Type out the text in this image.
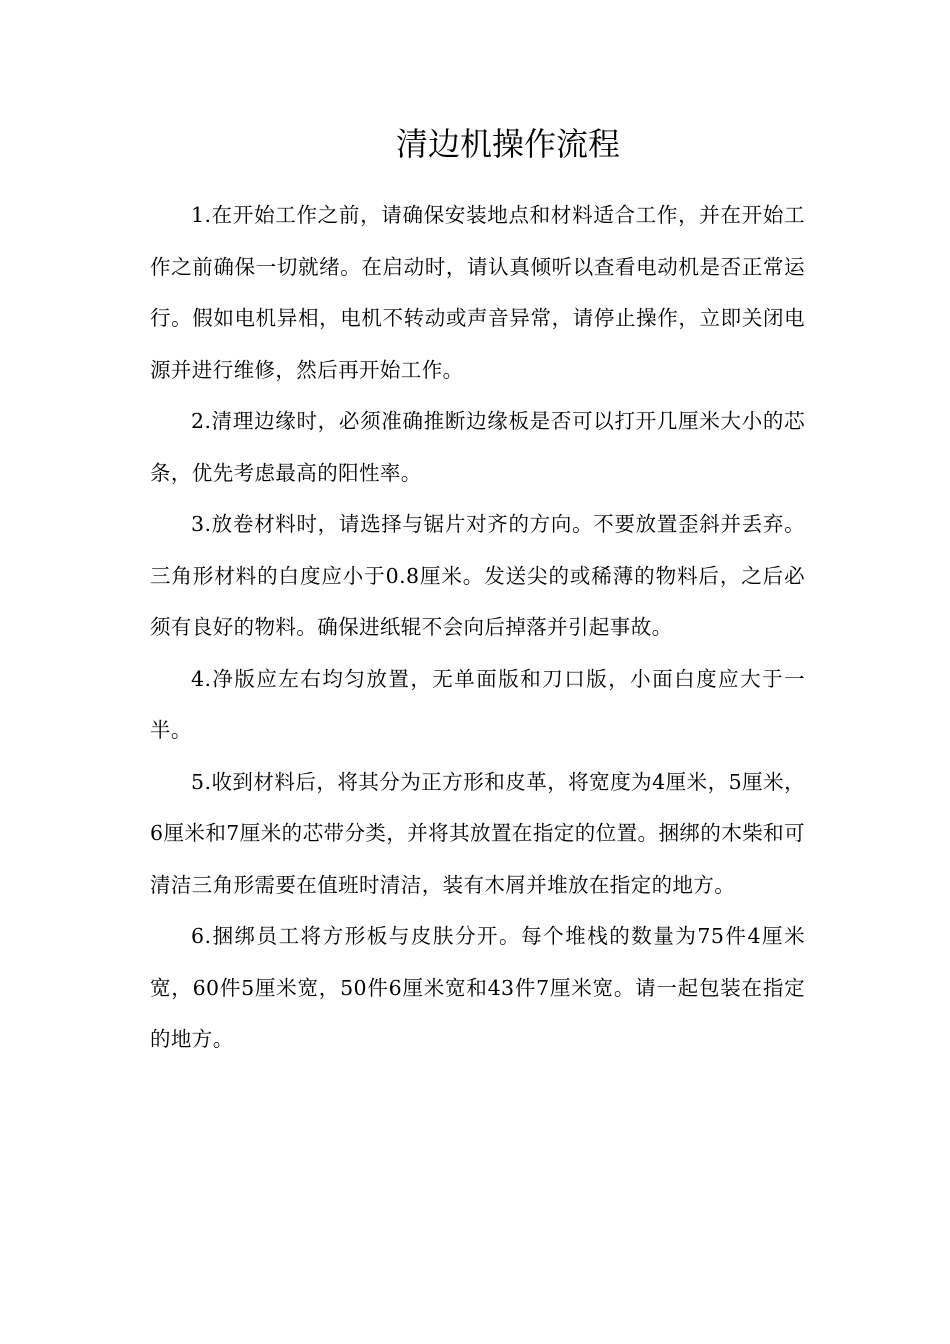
清边机操作流程

1.在开始工作之前，请确保安装地点和材料适合工作，并在开始工作之前确保一切就绪。在启动时，请认真倾听以查看电动机是否正常运行。假如电机异相，电机不转动或声音异常，请停止操作，立即关闭电源并进行维修，然后再开始工作。

2.清理边缘时，必须准确推断边缘板是否可以打开几厘米大小的芯条，优先考虑最高的阳性率。

3.放卷材料时，请选择与锯片对齐的方向。不要放置歪斜并丢弃。三角形材料的白度应小于0.8厘米。发送尖的或稀薄的物料后，之后必须有良好的物料。确保进纸辊不会向后掉落并引起事故。

4.净版应左右均匀放置，无单面版和刀口版，小面白度应大于一半。

5.收到材料后，将其分为正方形和皮革，将宽度为4厘米，5厘米，6厘米和7厘米的芯带分类，并将其放置在指定的位置。捆绑的木柴和可清洁三角形需要在值班时清洁，装有木屑并堆放在指定的地方。

6.捆绑员工将方形板与皮肤分开。每个堆栈的数量为75件4厘米宽，60件5厘米宽，50件6厘米宽和43件7厘米宽。请一起包装在指定的地方。
